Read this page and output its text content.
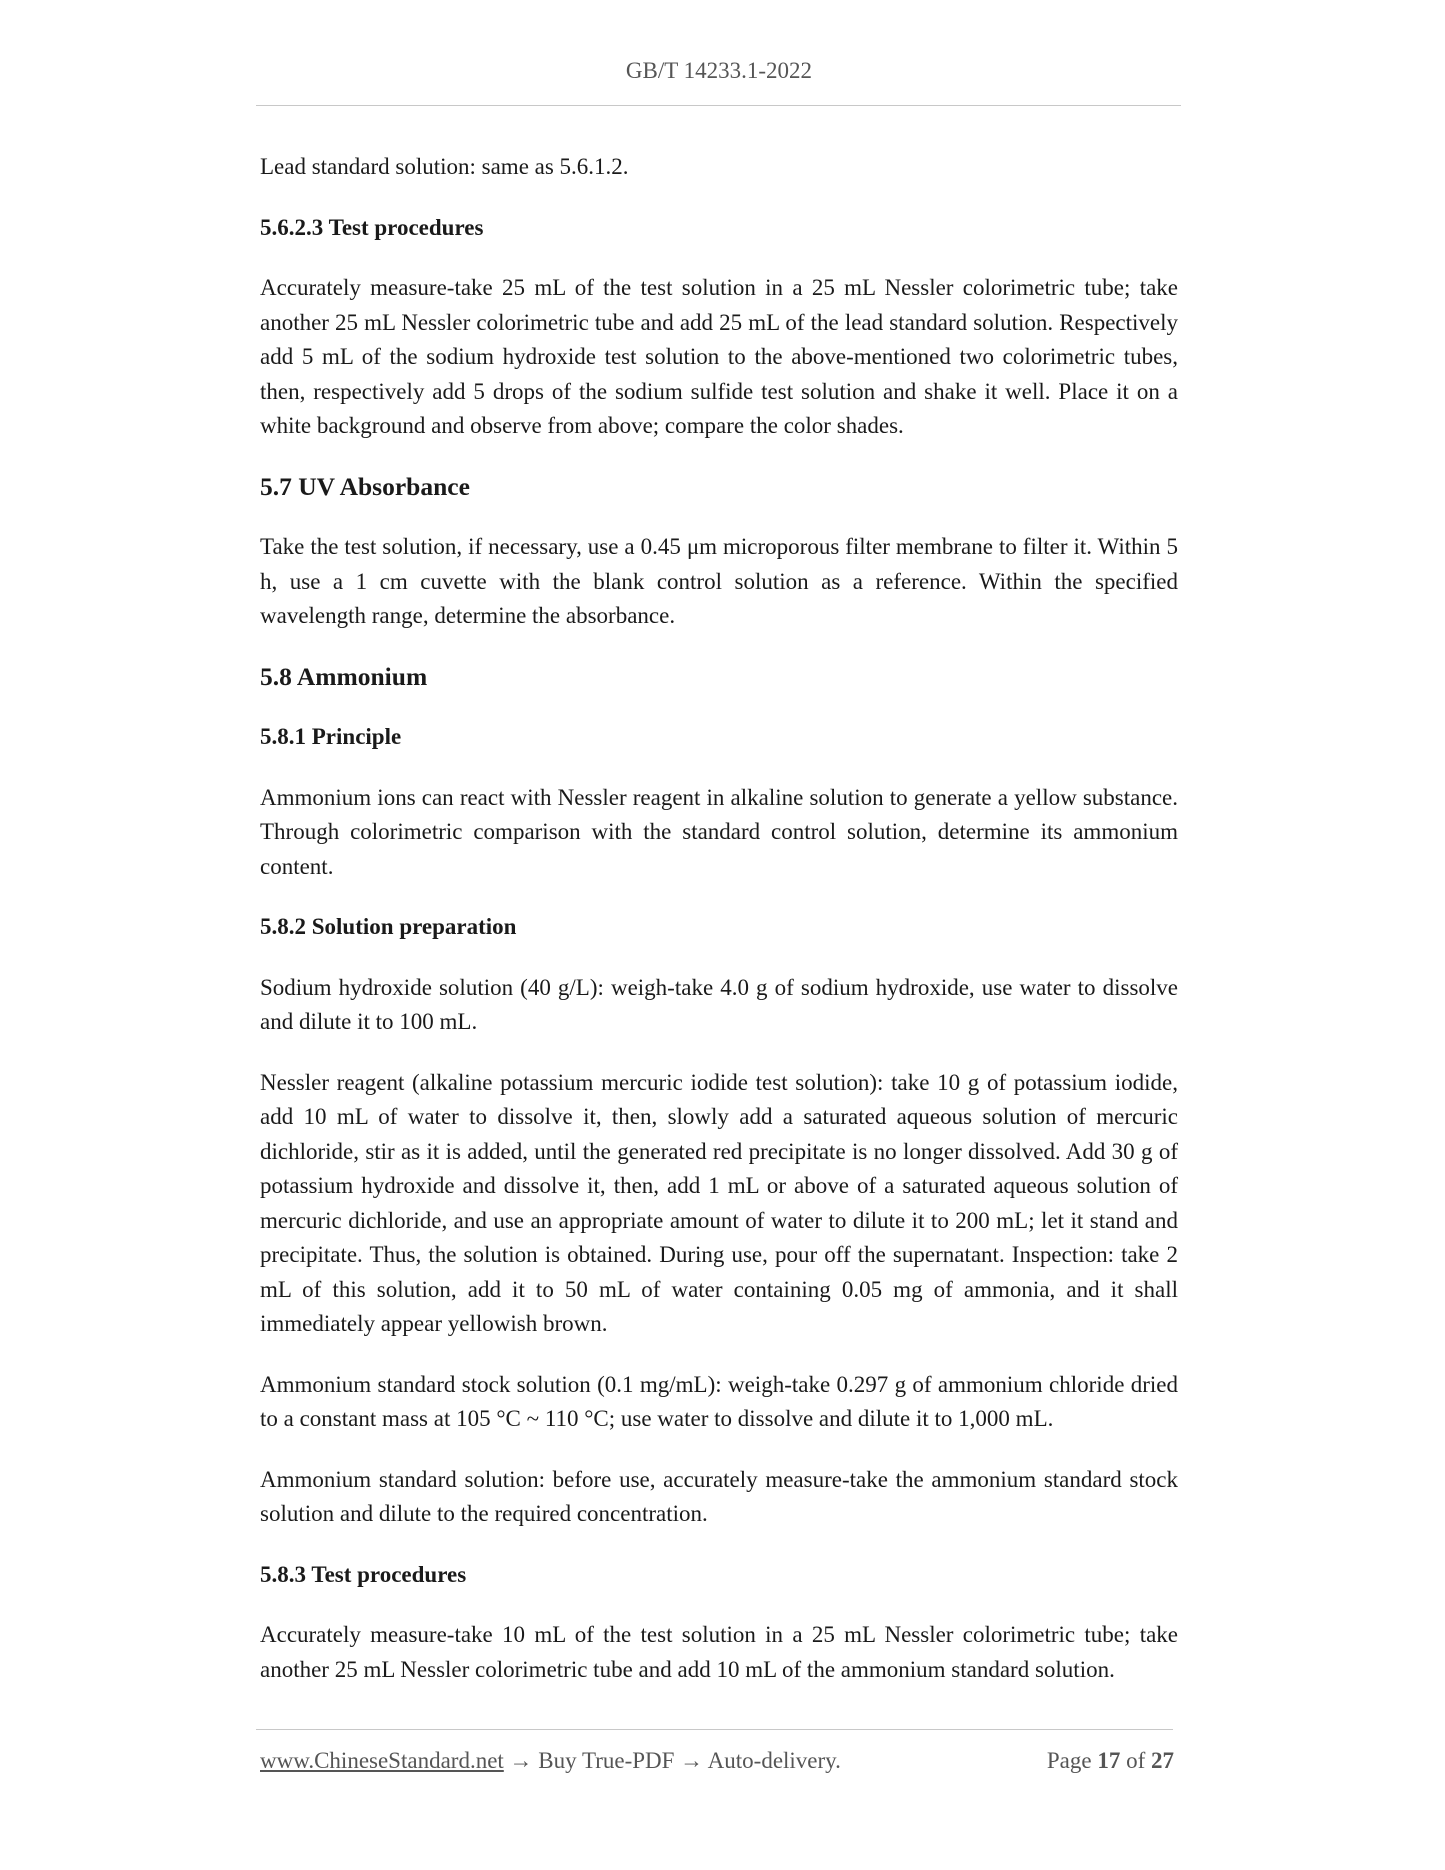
GB/T 14233.1-2022

Lead standard solution: same as 5.6.1.2.

5.6.2.3 Test procedures

Accurately measure-take 25 mL of the test solution in a 25 mL Nessler colorimetric tube; take another 25 mL Nessler colorimetric tube and add 25 mL of the lead standard solution. Respectively add 5 mL of the sodium hydroxide test solution to the above-mentioned two colorimetric tubes, then, respectively add 5 drops of the sodium sulfide test solution and shake it well. Place it on a white background and observe from above; compare the color shades.

5.7 UV Absorbance

Take the test solution, if necessary, use a 0.45 μm microporous filter membrane to filter it. Within 5 h, use a 1 cm cuvette with the blank control solution as a reference. Within the specified wavelength range, determine the absorbance.

5.8 Ammonium
5.8.1 Principle

Ammonium ions can react with Nessler reagent in alkaline solution to generate a yellow substance. Through colorimetric comparison with the standard control solution, determine its ammonium content.

5.8.2 Solution preparation

Sodium hydroxide solution (40 g/L): weigh-take 4.0 g of sodium hydroxide, use water to dissolve and dilute it to 100 mL.

Nessler reagent (alkaline potassium mercuric iodide test solution): take 10 g of potassium iodide, add 10 mL of water to dissolve it, then, slowly add a saturated aqueous solution of mercuric dichloride, stir as it is added, until the generated red precipitate is no longer dissolved. Add 30 g of potassium hydroxide and dissolve it, then, add 1 mL or above of a saturated aqueous solution of mercuric dichloride, and use an appropriate amount of water to dilute it to 200 mL; let it stand and precipitate. Thus, the solution is obtained. During use, pour off the supernatant. Inspection: take 2 mL of this solution, add it to 50 mL of water containing 0.05 mg of ammonia, and it shall immediately appear yellowish brown.

Ammonium standard stock solution (0.1 mg/mL): weigh-take 0.297 g of ammonium chloride dried to a constant mass at 105 °C ~ 110 °C; use water to dissolve and dilute it to 1,000 mL.

Ammonium standard solution: before use, accurately measure-take the ammonium standard stock solution and dilute to the required concentration.

5.8.3 Test procedures

Accurately measure-take 10 mL of the test solution in a 25 mL Nessler colorimetric tube; take another 25 mL Nessler colorimetric tube and add 10 mL of the ammonium standard solution.

www.ChineseStandard.net → Buy True-PDF → Auto-delivery.	Page 17 of 27
